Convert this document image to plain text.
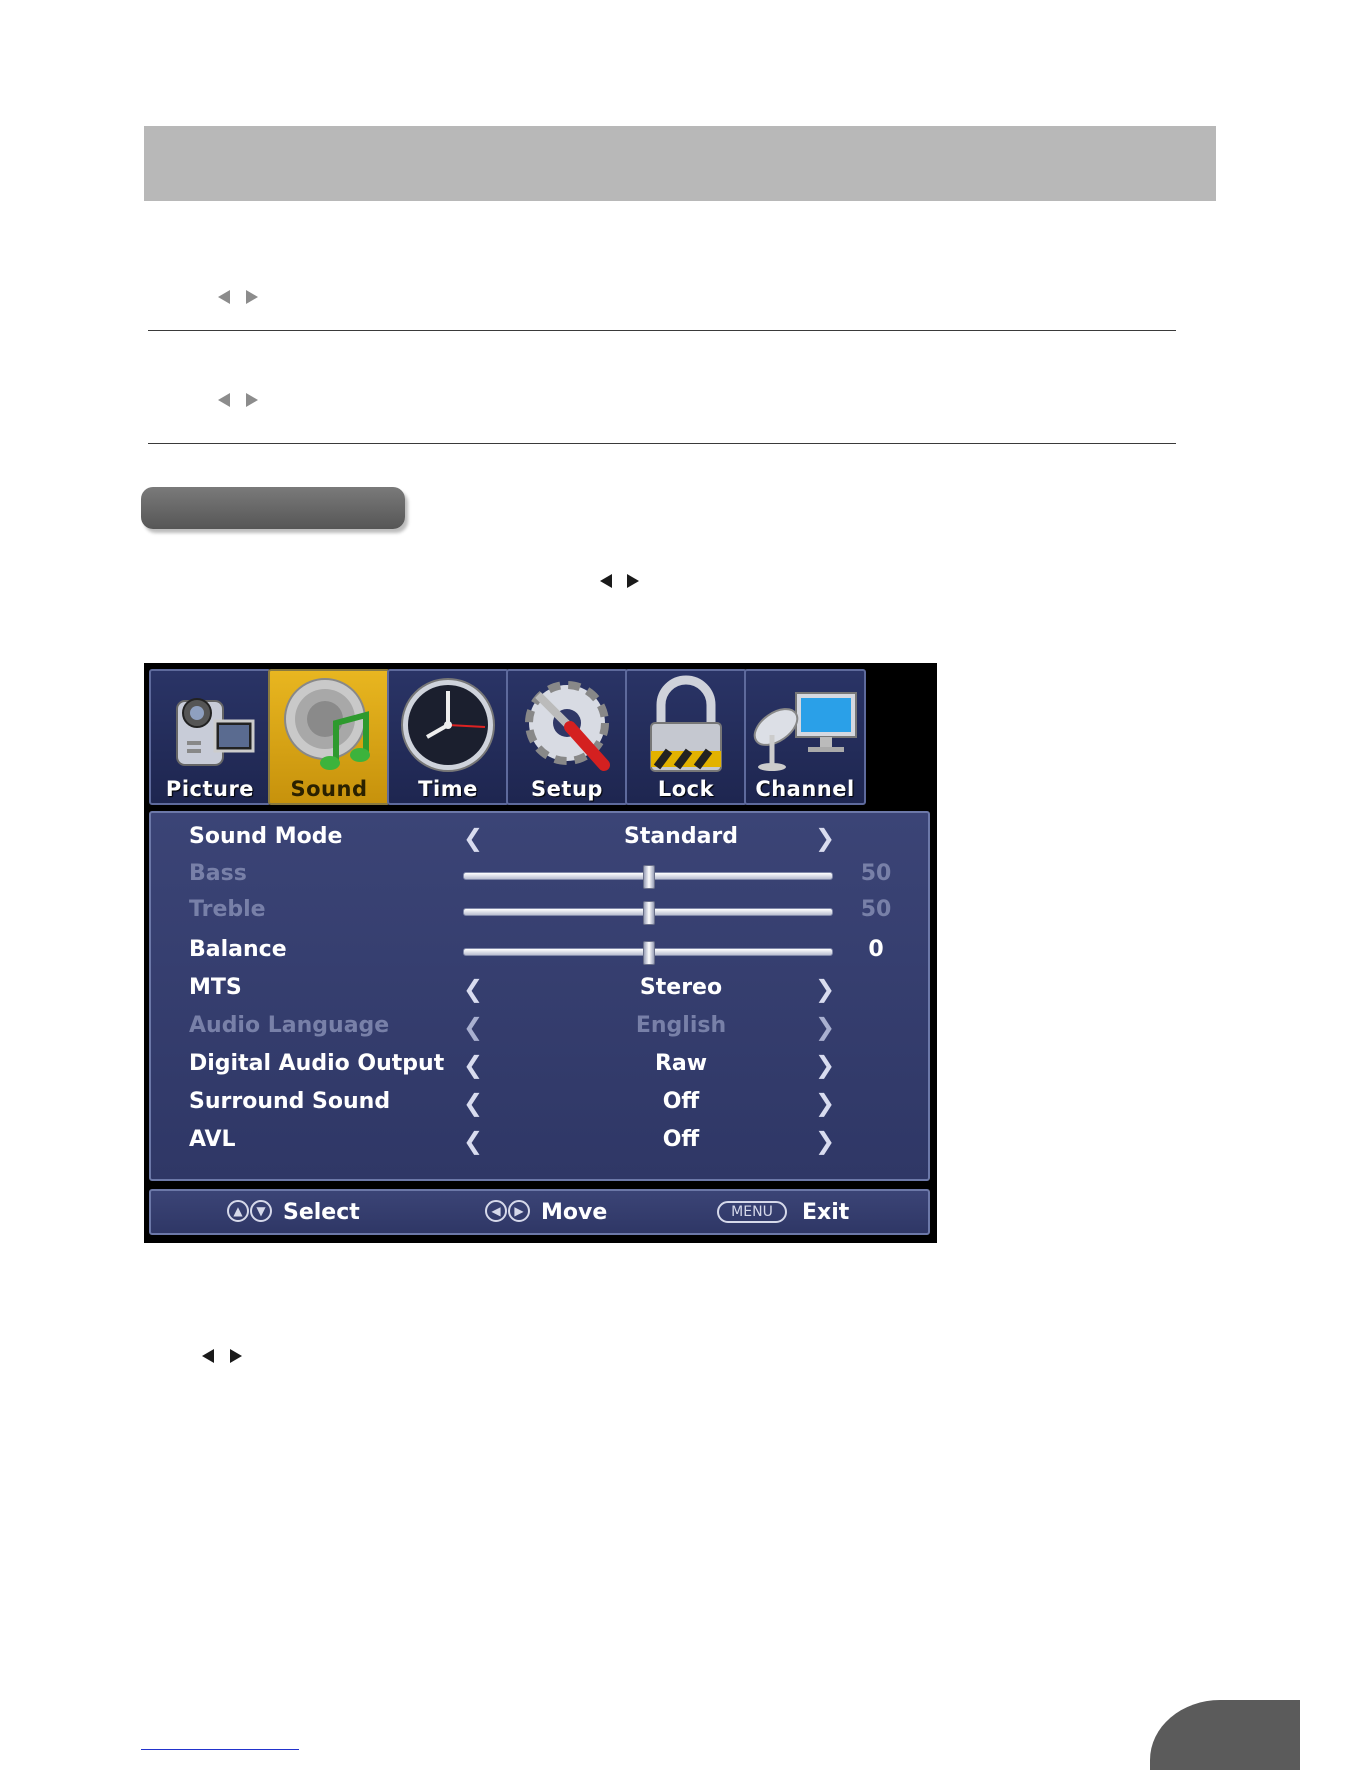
Picture	Sound	Time	Setup	Lock	Channel
Sound Mode	❮	Standard	❯
Bass	50
Treble	50
Balance	0
MTS	❮	Stereo	❯
Audio Language	❮	English	❯
Digital Audio Output ❮	Raw	❯
Surround Sound	❮	Off	❯
AVL	❮	Off	❯
▲	▼ Select	◀	▶ Move	MENU	Exit
